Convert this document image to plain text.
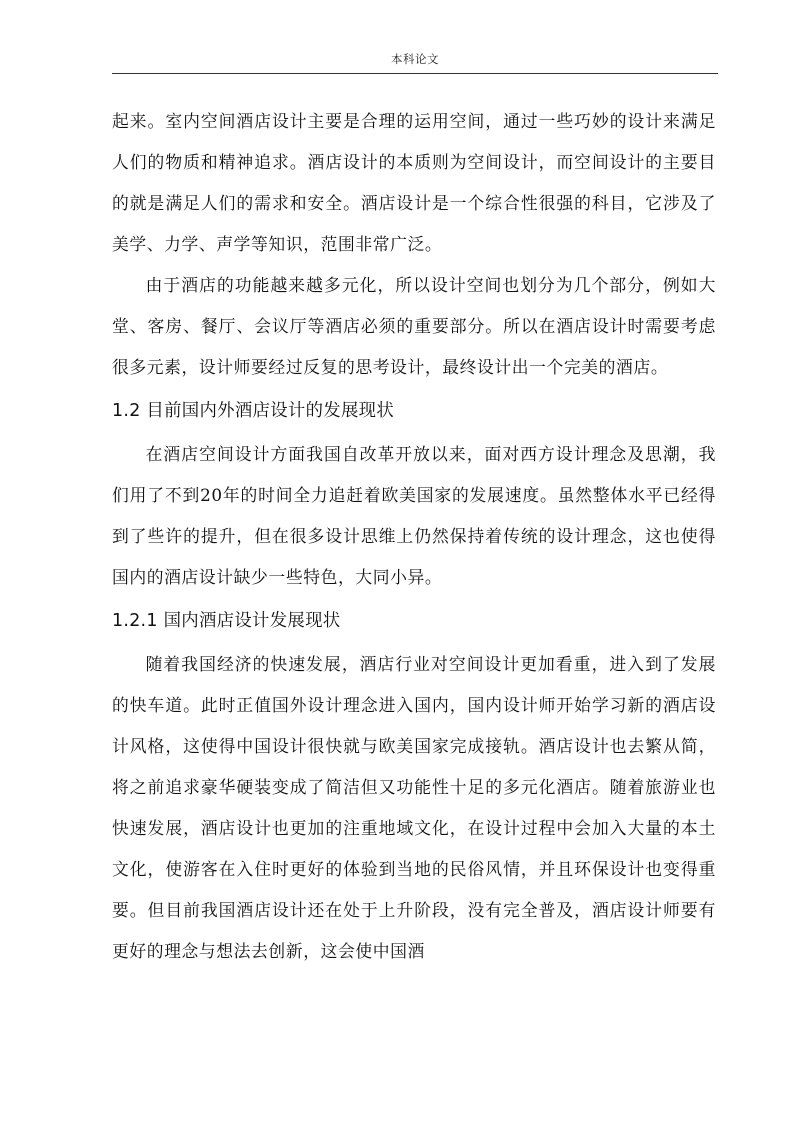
本科论文

起来。室内空间酒店设计主要是合理的运用空间，通过一些巧妙的设计来满足人们的物质和精神追求。酒店设计的本质则为空间设计，而空间设计的主要目的就是满足人们的需求和安全。酒店设计是一个综合性很强的科目，它涉及了美学、力学、声学等知识，范围非常广泛。

由于酒店的功能越来越多元化，所以设计空间也划分为几个部分，例如大堂、客房、餐厅、会议厅等酒店必须的重要部分。所以在酒店设计时需要考虑很多元素，设计师要经过反复的思考设计，最终设计出一个完美的酒店。

1.2 目前国内外酒店设计的发展现状

在酒店空间设计方面我国自改革开放以来，面对西方设计理念及思潮，我们用了不到20年的时间全力追赶着欧美国家的发展速度。虽然整体水平已经得到了些许的提升，但在很多设计思维上仍然保持着传统的设计理念，这也使得国内的酒店设计缺少一些特色，大同小异。

1.2.1 国内酒店设计发展现状

随着我国经济的快速发展，酒店行业对空间设计更加看重，进入到了发展的快车道。此时正值国外设计理念进入国内，国内设计师开始学习新的酒店设计风格，这使得中国设计很快就与欧美国家完成接轨。酒店设计也去繁从简，将之前追求豪华硬装变成了简洁但又功能性十足的多元化酒店。随着旅游业也快速发展，酒店设计也更加的注重地域文化，在设计过程中会加入大量的本土文化，使游客在入住时更好的体验到当地的民俗风情，并且环保设计也变得重要。但目前我国酒店设计还在处于上升阶段，没有完全普及，酒店设计师要有更好的理念与想法去创新，这会使中国酒
